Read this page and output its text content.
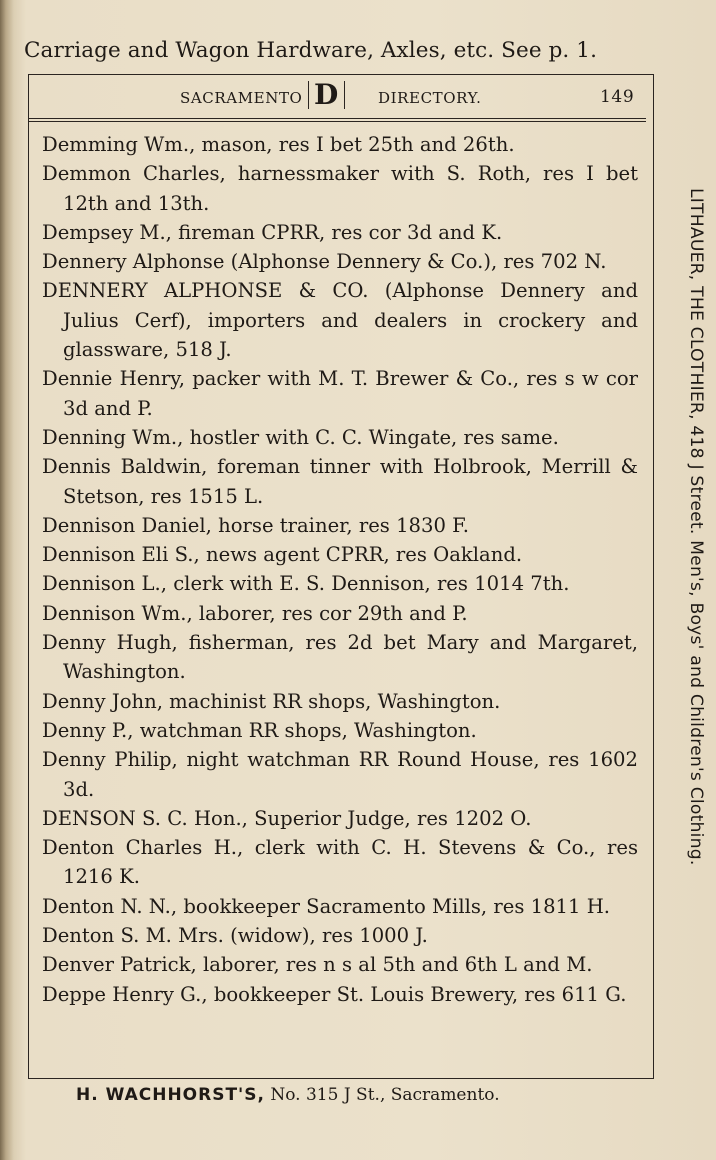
Carriage and Wagon Hardware, Axles, etc. See p. 1.
SACRAMENTO D	DIRECTORY.	149

Demming Wm., mason, res I bet 25th and 26th.

Demmon Charles, harnessmaker with S. Roth, res I bet 12th and 13th.

Dempsey M., fireman CPRR, res cor 3d and K.

Dennery Alphonse (Alphonse Dennery & Co.), res 702 N.

DENNERY ALPHONSE & CO. (Alphonse Dennery and Julius Cerf), importers and dealers in crockery and glassware, 518 J.

Dennie Henry, packer with M. T. Brewer & Co., res s w cor 3d and P.

Denning Wm., hostler with C. C. Wingate, res same.

Dennis Baldwin, foreman tinner with Holbrook, Merrill & Stetson, res 1515 L.

Dennison Daniel, horse trainer, res 1830 F.

Dennison Eli S., news agent CPRR, res Oakland.

Dennison L., clerk with E. S. Dennison, res 1014 7th.

Dennison Wm., laborer, res cor 29th and P.

Denny Hugh, fisherman, res 2d bet Mary and Margaret, Washington.

Denny John, machinist RR shops, Washington.

Denny P., watchman RR shops, Washington.

Denny Philip, night watchman RR Round House, res 1602 3d.

DENSON S. C. Hon., Superior Judge, res 1202 O.

Denton Charles H., clerk with C. H. Stevens & Co., res 1216 K.

Denton N. N., bookkeeper Sacramento Mills, res 1811 H.

Denton S. M. Mrs. (widow), res 1000 J.

Denver Patrick, laborer, res n s al 5th and 6th L and M.

Deppe Henry G., bookkeeper St. Louis Brewery, res 611 G.

LITHAUER, THE CLOTHIER, 418 J Street. Men's, Boys' and Children's Clothing.
H. WACHHORST'S, No. 315 J St., Sacramento.
